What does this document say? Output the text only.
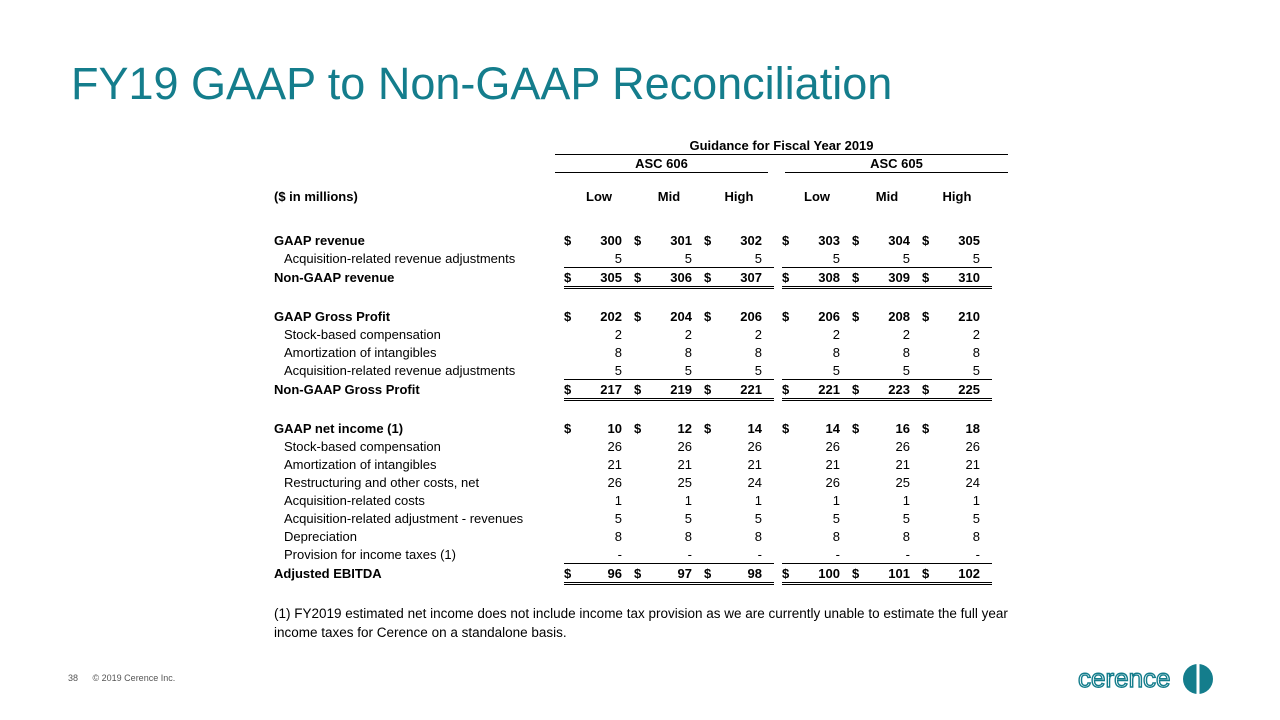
FY19 GAAP to Non-GAAP Reconciliation
Guidance for Fiscal Year 2019
ASC 606	ASC 605
($ in millions)	Low		Mid		High			Low		Mid		High	

GAAP revenue	$	300	$	301	$	302		$	303	$	304	$	305
Acquisition-related revenue adjustments		5		5		5			5		5		5
Non-GAAP revenue	$	305	$	306	$	307		$	308	$	309	$	310

GAAP Gross Profit	$	202	$	204	$	206		$	206	$	208	$	210
Stock-based compensation		2		2		2			2		2		2
Amortization of intangibles		8		8		8			8		8		8
Acquisition-related revenue adjustments		5		5		5			5		5		5
Non-GAAP Gross Profit	$	217	$	219	$	221		$	221	$	223	$	225

GAAP net income (1)	$	10	$	12	$	14		$	14	$	16	$	18
Stock-based compensation		26		26		26			26		26		26
Amortization of intangibles		21		21		21			21		21		21
Restructuring and other costs, net		26		25		24			26		25		24
Acquisition-related costs		1		1		1			1		1		1
Acquisition-related adjustment - revenues		5		5		5			5		5		5
Depreciation		8		8		8			8		8		8
Provision for income taxes (1)		-		-		-			-		-		-
Adjusted EBITDA	$	96	$	97	$	98		$	100	$	101	$	102
(1) FY2019 estimated net income does not include income tax provision as we are currently unable to estimate the full year income taxes for Cerence on a standalone basis.
38 © 2019 Cerence Inc.	cerence
